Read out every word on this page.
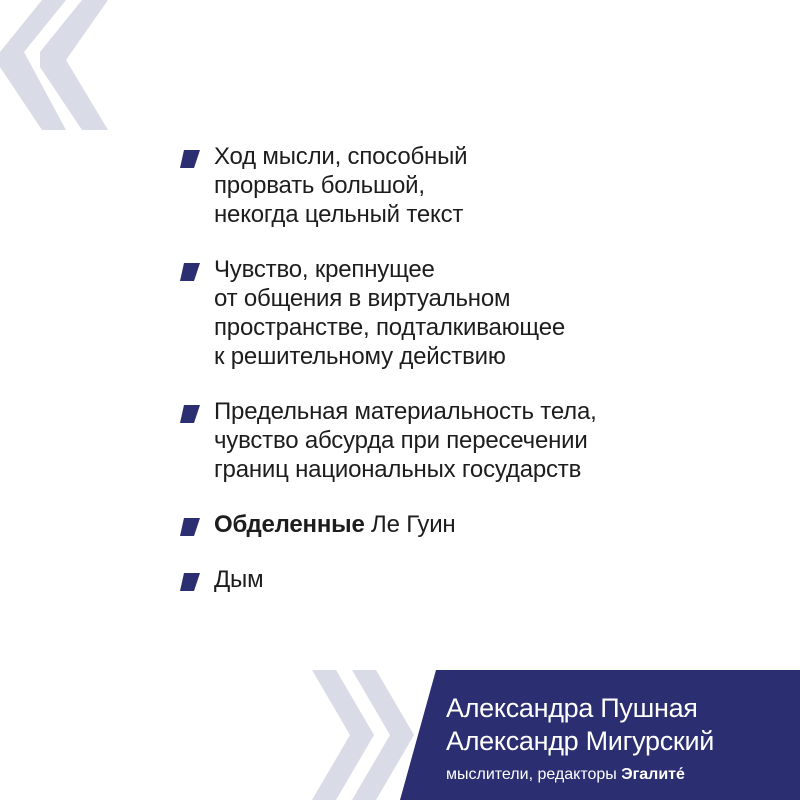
Ход мысли, способный
прорвать большой,
некогда цельный текст
Чувство, крепнущее
от общения в виртуальном
пространстве, подталкивающее
к решительному действию
Предельная материальность тела,
чувство абсурда при пересечении
границ национальных государств
Обделенные Ле Гуин
Дым
Александра Пушная
Александр Мигурский
мыслители, редакторы Эгалите́
